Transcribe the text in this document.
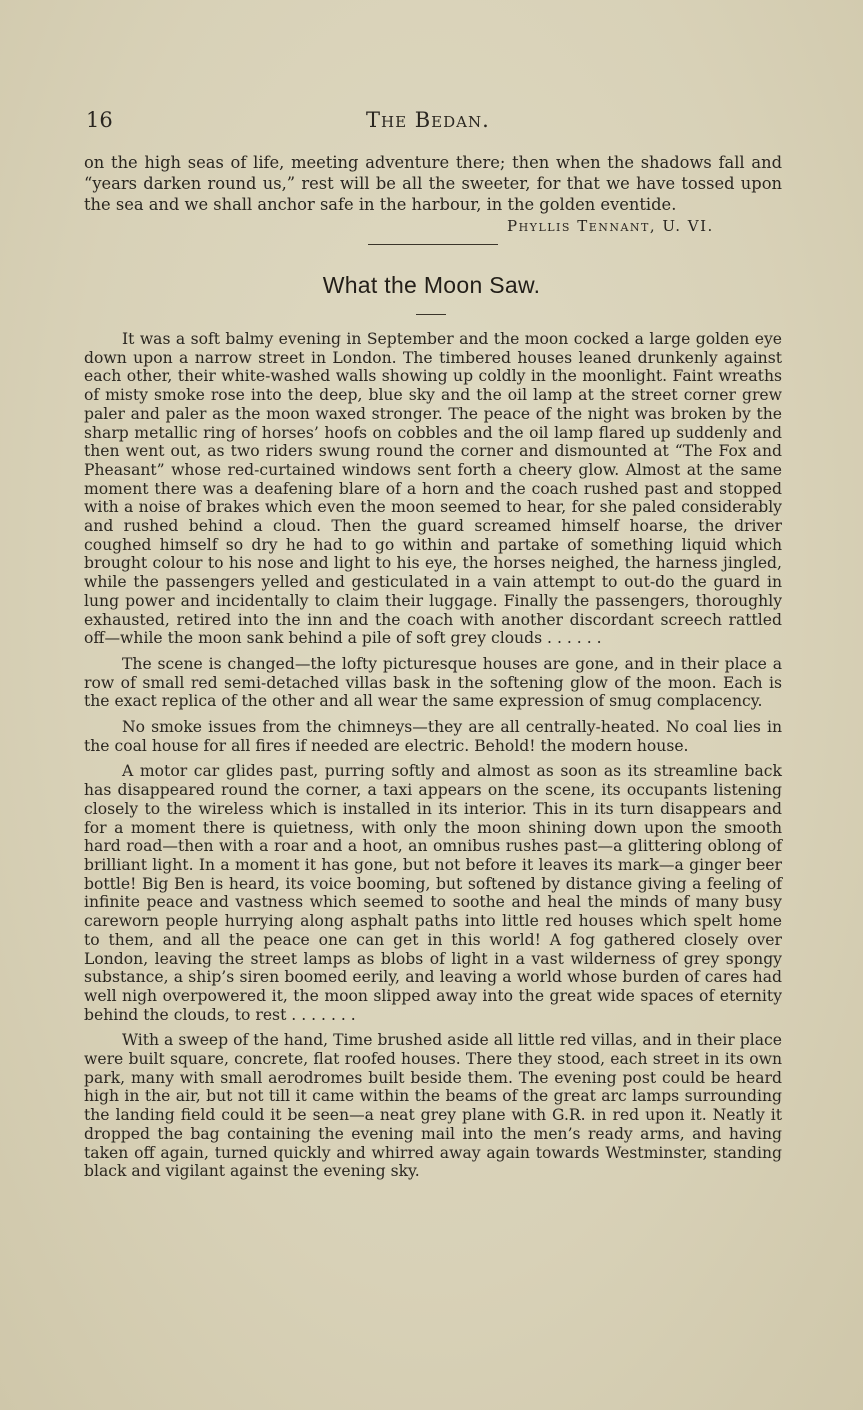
16	The Bedan.

on the high seas of life, meeting adventure there; then when the shadows fall and “years darken round us,” rest will be all the sweeter, for that we have tossed upon the sea and we shall anchor safe in the harbour, in the golden eventide.

Phyllis Tennant, U. VI.
What the Moon Saw.

It was a soft balmy evening in September and the moon cocked a large golden eye down upon a narrow street in London. The timbered houses leaned drunkenly against each other, their white-washed walls showing up coldly in the moonlight. Faint wreaths of misty smoke rose into the deep, blue sky and the oil lamp at the street corner grew paler and paler as the moon waxed stronger. The peace of the night was broken by the sharp metallic ring of horses’ hoofs on cobbles and the oil lamp flared up suddenly and then went out, as two riders swung round the corner and dismounted at “The Fox and Pheasant” whose red-curtained windows sent forth a cheery glow. Almost at the same moment there was a deafening blare of a horn and the coach rushed past and stopped with a noise of brakes which even the moon seemed to hear, for she paled considerably and rushed behind a cloud. Then the guard screamed himself hoarse, the driver coughed himself so dry he had to go within and partake of something liquid which brought colour to his nose and light to his eye, the horses neighed, the harness jingled, while the passengers yelled and gesticulated in a vain attempt to out-do the guard in lung power and incidentally to claim their luggage. Finally the passengers, thoroughly exhausted, retired into the inn and the coach with another discordant screech rattled off—while the moon sank behind a pile of soft grey clouds . . . . . .

The scene is changed—the lofty picturesque houses are gone, and in their place a row of small red semi-detached villas bask in the softening glow of the moon. Each is the exact replica of the other and all wear the same expression of smug complacency.

No smoke issues from the chimneys—they are all centrally-heated. No coal lies in the coal house for all fires if needed are electric. Behold! the modern house.

A motor car glides past, purring softly and almost as soon as its streamline back has disappeared round the corner, a taxi appears on the scene, its occupants listening closely to the wireless which is installed in its interior. This in its turn disappears and for a moment there is quietness, with only the moon shining down upon the smooth hard road—then with a roar and a hoot, an omnibus rushes past—a glittering oblong of brilliant light. In a moment it has gone, but not before it leaves its mark—a ginger beer bottle! Big Ben is heard, its voice booming, but softened by distance giving a feeling of infinite peace and vastness which seemed to soothe and heal the minds of many busy careworn people hurrying along asphalt paths into little red houses which spelt home to them, and all the peace one can get in this world! A fog gathered closely over London, leaving the street lamps as blobs of light in a vast wilderness of grey spongy substance, a ship’s siren boomed eerily, and leaving a world whose burden of cares had well nigh overpowered it, the moon slipped away into the great wide spaces of eternity behind the clouds, to rest . . . . . . .

With a sweep of the hand, Time brushed aside all little red villas, and in their place were built square, concrete, flat roofed houses. There they stood, each street in its own park, many with small aerodromes built beside them. The evening post could be heard high in the air, but not till it came within the beams of the great arc lamps surrounding the landing field could it be seen—a neat grey plane with G.R. in red upon it. Neatly it dropped the bag containing the evening mail into the men’s ready arms, and having taken off again, turned quickly and whirred away again towards Westminster, standing black and vigilant against the evening sky.
